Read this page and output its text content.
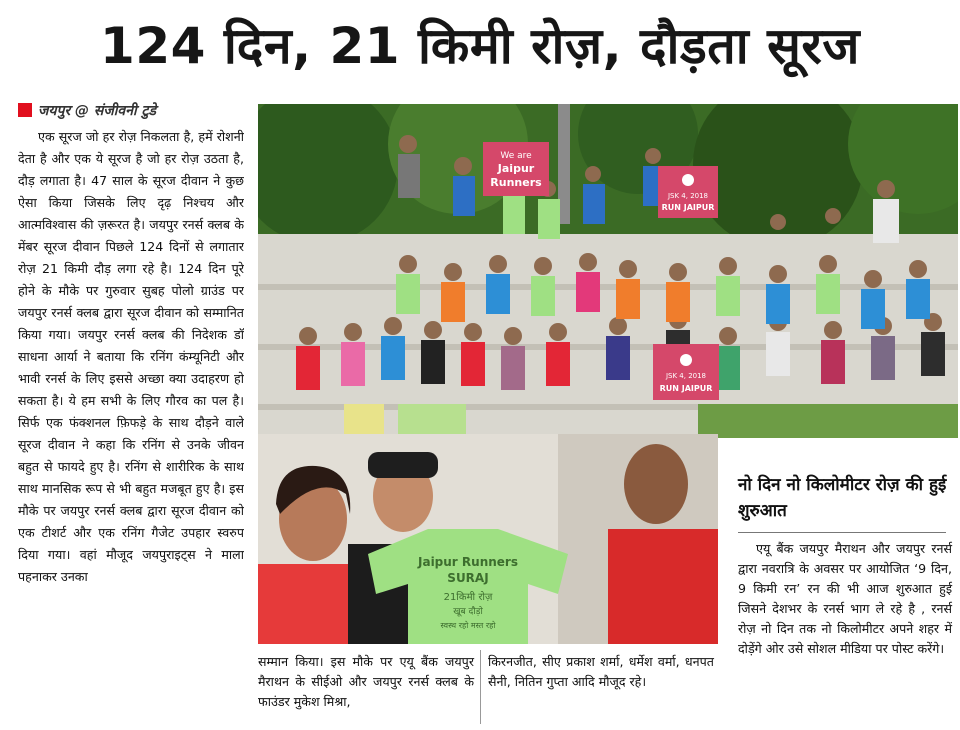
124 दिन, 21 किमी रोज़, दौड़ता सूरज
जयपुर @ संजीवनी टुडे

एक सूरज जो हर रोज़ निकलता है, हमें रोशनी देता है और एक ये सूरज है जो हर रोज़ उठता है, दौड़ लगाता है। 47 साल के सूरज दीवान ने कुछ ऐसा किया जिसके लिए दृढ़ निश्चय और आत्मविश्वास की ज़रूरत है। जयपुर रनर्स क्लब के मेंबर सूरज दीवान पिछले 124 दिनों से लगातार रोज़ 21 किमी दौड़ लगा रहे है। 124 दिन पूरे होने के मौके पर गुरुवार सुबह पोलो ग्राउंड पर जयपुर रनर्स क्लब द्वारा सूरज दीवान को सम्मानित किया गया। जयपुर रनर्स क्लब की निदेशक डॉ साधना आर्या ने बताया कि रनिंग कंम्यूनिटी और भावी रनर्स के लिए इससे अच्छा क्या उदाहरण हो सकता है। ये हम सभी के लिए गौरव का पल है। सिर्फ एक फंक्शनल फ़िफड़े के साथ दौड़ने वाले सूरज दीवान ने कहा कि रनिंग से उनके जीवन बहुत से फायदे हुए है। रनिंग से शारीरिक के साथ साथ मानसिक रूप से भी बहुत मजबूत हुए है। इस मौके पर जयपुर रनर्स क्लब द्वारा सूरज दीवान को एक टीशर्ट और एक रनिंग गैजेट उपहार स्वरुप दिया गया। वहां मौजूद जयपुराइट्स ने माला पहनाकर उनका

We are
Jaipur
Runners
JSK 4, 2018
RUN JAIPUR
JSK 4, 2018
RUN JAIPUR
Jaipur Runners
SURAJ
21किमी रोज़
खूब दौड़ो
स्वस्थ रहो मस्त रहो
सम्मान किया। इस मौके पर एयू बैंक जयपुर मैराथन के सीईओ और जयपुर रनर्स क्लब के फाउंडर मुकेश मिश्रा,
किरनजीत, सीए प्रकाश शर्मा, धर्मेश वर्मा, धनपत सैनी, नितिन गुप्ता आदि मौजूद रहे।
नो दिन नो किलोमीटर रोज़ की हुई शुरुआत

एयू बैंक जयपुर मैराथन और जयपुर रनर्स द्वारा नवरात्रि के अवसर पर आयोजित ‘9 दिन, 9 किमी रन’ रन की भी आज शुरुआत हुई जिसने देशभर के रनर्स भाग ले रहे है , रनर्स रोज़ नो दिन तक नो किलोमीटर अपने शहर में दोड़ेंगे ओर उसे सोशल मीडिया पर पोस्ट करेंगे।
